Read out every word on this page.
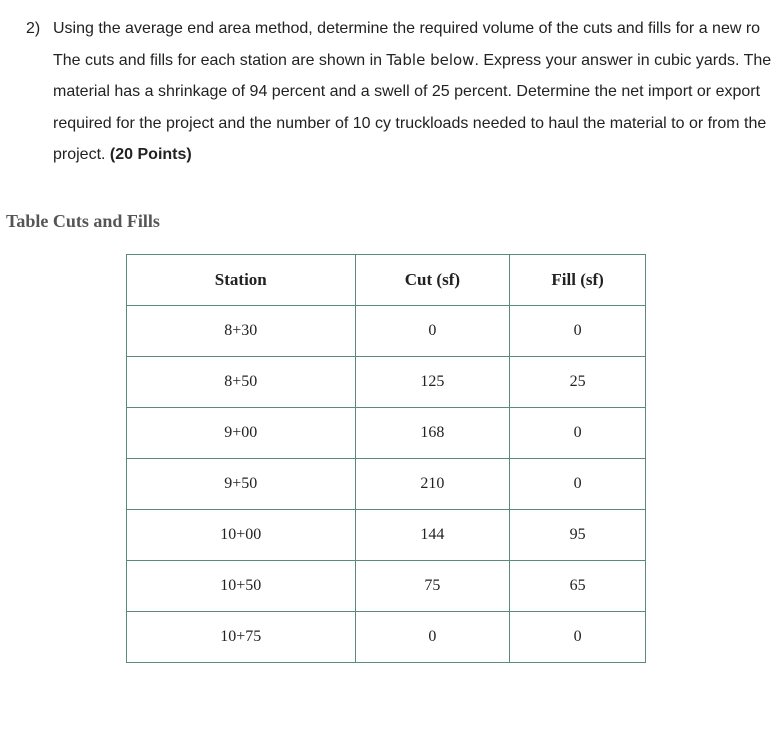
2) Using the average end area method, determine the required volume of the cuts and fills for a new ro
The cuts and fills for each station are shown in Table below. Express your answer in cubic yards. The
material has a shrinkage of 94 percent and a swell of 25 percent. Determine the net import or export
required for the project and the number of 10 cy truckloads needed to haul the material to or from the
project. (20 Points)
Table Cuts and Fills
Station	Cut (sf)	Fill (sf)
8+30	0	0
8+50	125	25
9+00	168	0
9+50	210	0
10+00	144	95
10+50	75	65
10+75	0	0
